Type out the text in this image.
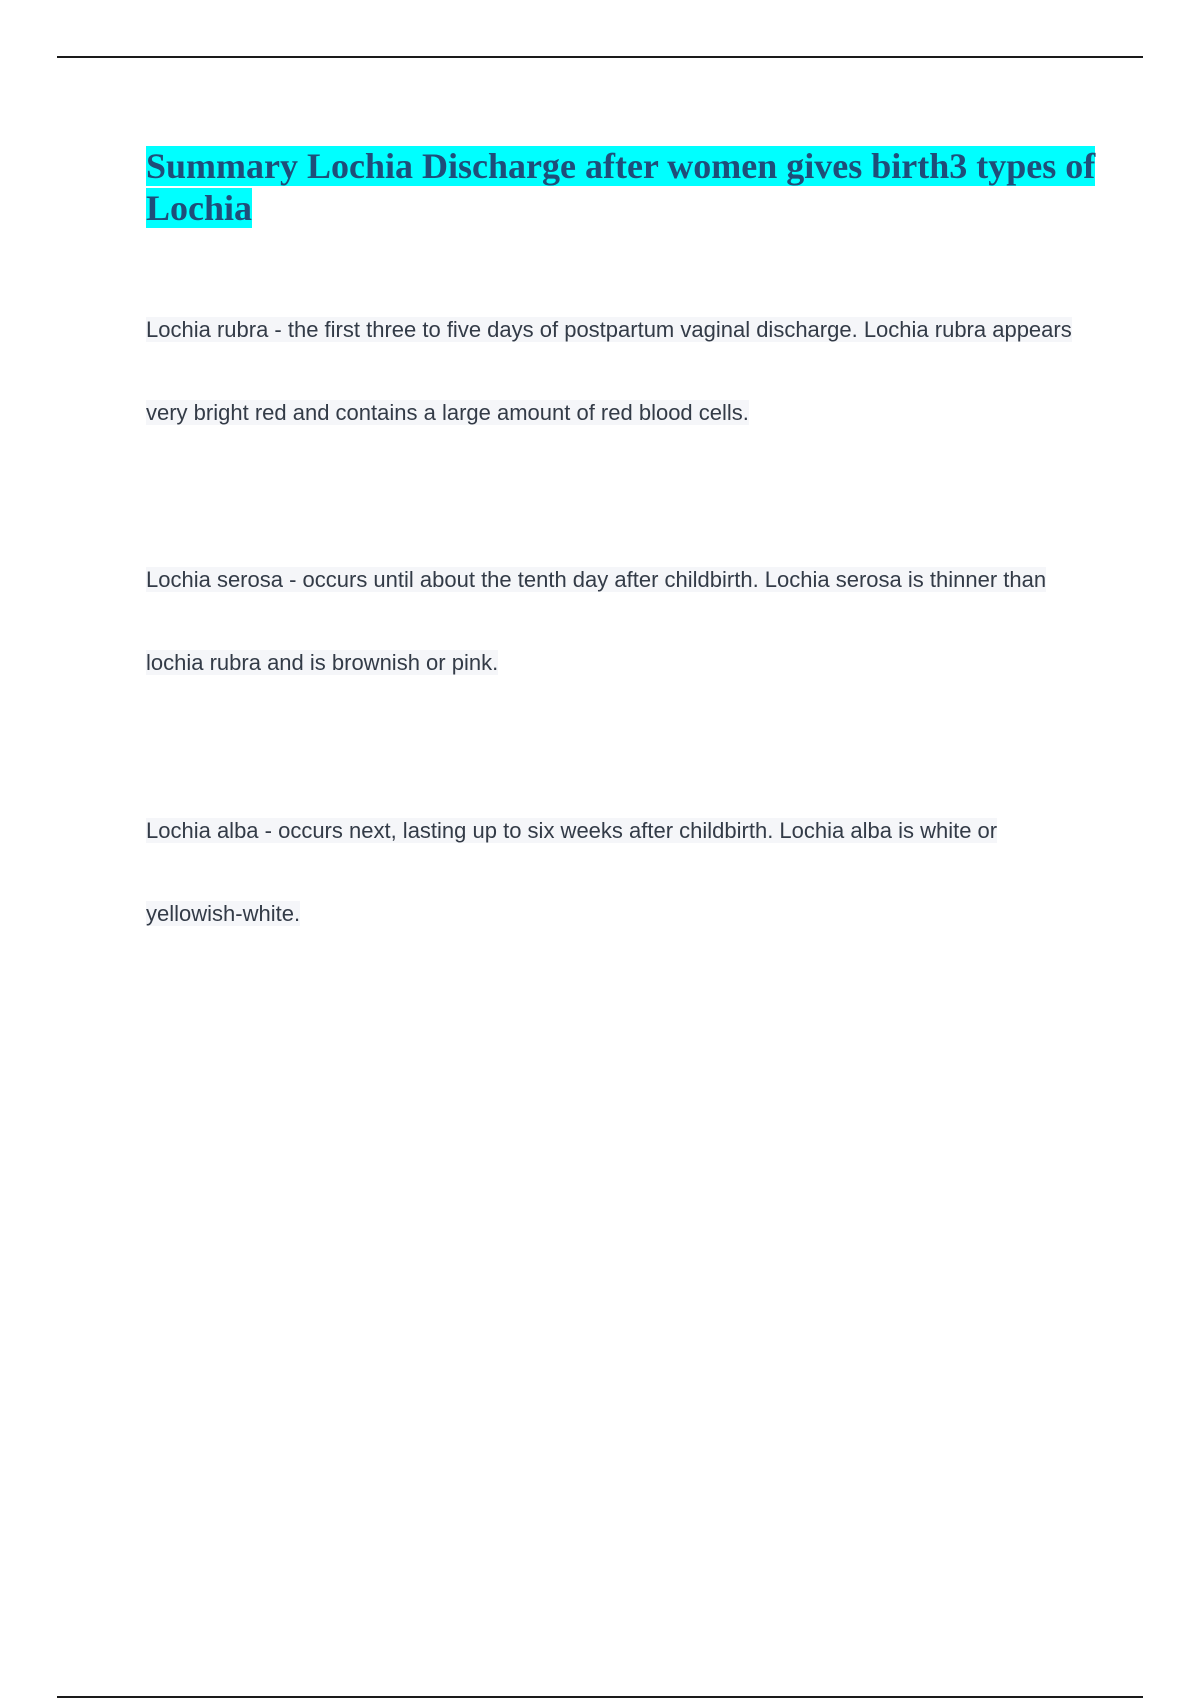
Summary Lochia Discharge after women gives birth3 types of Lochia

Lochia rubra - the first three to five days of postpartum vaginal discharge. Lochia rubra appears very bright red and contains a large amount of red blood cells.

Lochia serosa - occurs until about the tenth day after childbirth. Lochia serosa is thinner than lochia rubra and is brownish or pink.

Lochia alba - occurs next, lasting up to six weeks after childbirth. Lochia alba is white or yellowish-white.
